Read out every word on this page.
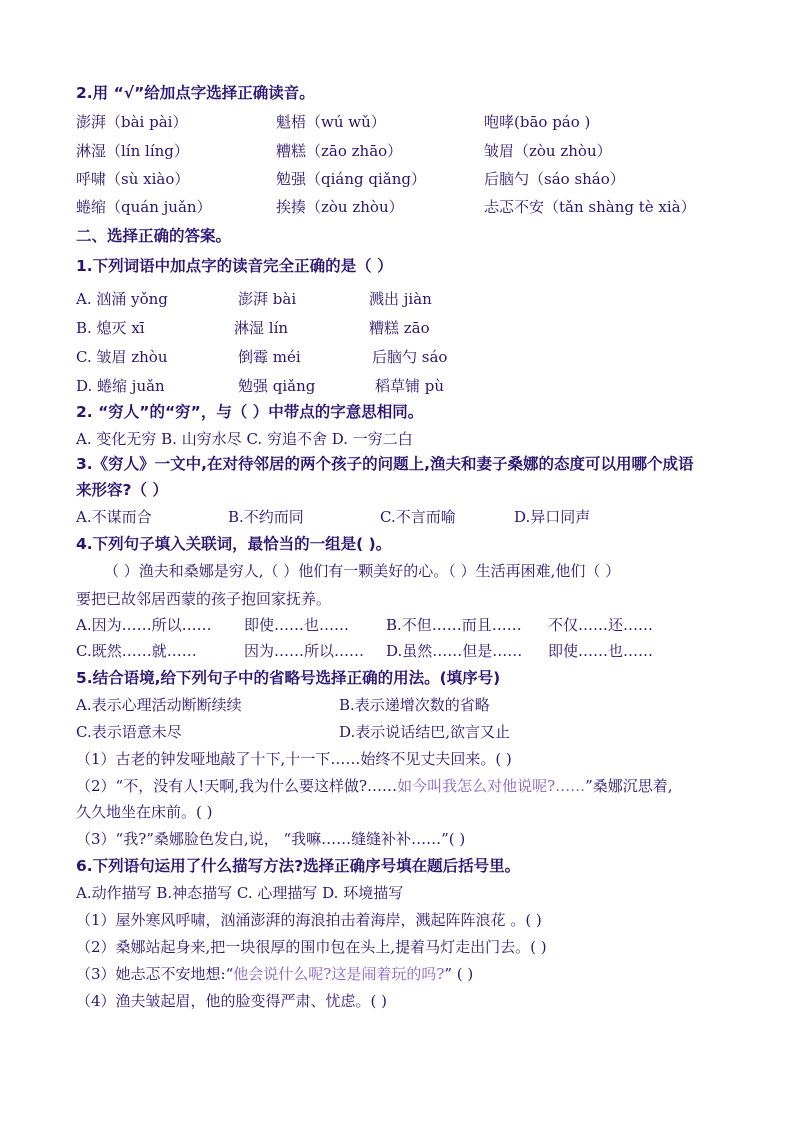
2.用 “√”给加点字选择正确读音。
澎湃（bài pài）	魁梧（wú wǔ）	咆哮(bāo páo )
淋湿（lín líng）	糟糕（zāo zhāo）	皱眉（zòu zhòu）
呼啸（sù xiào）	勉强（qiáng qiǎng）	后脑勺（sáo sháo）
蜷缩（quán juǎn）	挨揍（zòu zhòu）	忐忑不安（tǎn shàng tè xià）
二、选择正确的答案。
1.下列词语中加点字的读音完全正确的是（ ）
A. 汹涌 yǒng	澎湃 bài	溅出 jiàn
B. 熄灭 xī	淋湿 lín	糟糕 zāo
C. 皱眉 zhòu	倒霉 méi	后脑勺 sáo
D. 蜷缩 juǎn	勉强 qiǎng	稻草铺 pù
2. “穷人”的“穷”，与（ ）中带点的字意思相同。
A. 变化无穷 B. 山穷水尽 C. 穷追不舍 D. 一穷二白
3.《穷人》一文中,在对待邻居的两个孩子的问题上,渔夫和妻子桑娜的态度可以用哪个成语
来形容?（ ）
A.不谋而合	B.不约而同	C.不言而喻	D.异口同声
4.下列句子填入关联词，最恰当的一组是( )。
（ ）渔夫和桑娜是穷人,（ ）他们有一颗美好的心。（ ）生活再困难,他们（ ）
要把已故邻居西蒙的孩子抱回家抚养。
A.因为……所以…… 即使……也…… B.不但……而且…… 不仅……还……
C.既然……就……	因为……所以…… D.虽然……但是…… 即使……也……
5.结合语境,给下列句子中的省略号选择正确的用法。(填序号)
A.表示心理活动断断续续	B.表示递增次数的省略
C.表示语意未尽	D.表示说话结巴,欲言又止
（1）古老的钟发哑地敲了十下,十一下……始终不见丈夫回来。( )
（2）“不，没有人!天啊,我为什么要这样做?……如今叫我怎么对他说呢?……”桑娜沉思着,
久久地坐在床前。( )
（3）“我?”桑娜脸色发白,说， “我嘛……缝缝补补……”( )
6.下列语句运用了什么描写方法?选择正确序号填在题后括号里。
A.动作描写 B.神态描写 C. 心理描写 D. 环境描写
（1）屋外寒风呼啸，汹涌澎湃的海浪拍击着海岸，溅起阵阵浪花 。( )
（2）桑娜站起身来,把一块很厚的围巾包在头上,提着马灯走出门去。( )
（3）她忐忑不安地想:“他会说什么呢?这是闹着玩的吗?” ( )
（4）渔夫皱起眉，他的脸变得严肃、忧虑。( )
